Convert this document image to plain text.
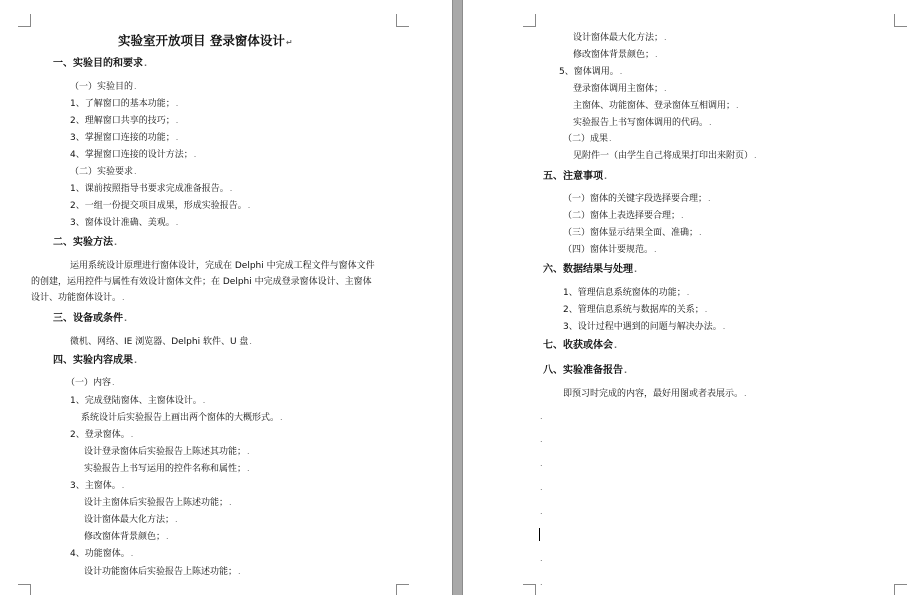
实验室开放项目 登录窗体设计↵
一、实验目的和要求.
（一）实验目的.
1、了解窗口的基本功能；.
2、理解窗口共享的技巧；.
3、掌握窗口连接的功能；.
4、掌握窗口连接的设计方法；.
（二）实验要求.
1、课前按照指导书要求完成准备报告。.
2、一组一份提交项目成果，形成实验报告。.
3、窗体设计准确、美观。.
二、实验方法.
运用系统设计原理进行窗体设计，完成在 Delphi 中完成工程文件与窗体文件
的创建，运用控件与属性有效设计窗体文件；在 Delphi 中完成登录窗体设计、主窗体
设计、功能窗体设计。.
三、设备或条件.
微机、网络、IE 浏览器、Delphi 软件、U 盘.
四、实验内容成果.
（一）内容.
1、完成登陆窗体、主窗体设计。.
系统设计后实验报告上画出两个窗体的大概形式。.
2、登录窗体。.
设计登录窗体后实验报告上陈述其功能；.
实验报告上书写运用的控件名称和属性；.
3、主窗体。.
设计主窗体后实验报告上陈述功能；.
设计窗体最大化方法；.
修改窗体背景颜色；.
4、功能窗体。.
设计功能窗体后实验报告上陈述功能；.
设计窗体最大化方法；.
修改窗体背景颜色；.
5、窗体调用。.
登录窗体调用主窗体；.
主窗体、功能窗体、登录窗体互相调用；.
实验报告上书写窗体调用的代码。.
（二）成果.
见附件一（由学生自己将成果打印出来附页）.
五、注意事项.
（一）窗体的关键字段选择要合理；.
（二）窗体上表选择要合理；.
（三）窗体显示结果全面、准确；.
（四）窗体计要规范。.
六、数据结果与处理.
1、管理信息系统窗体的功能；.
2、管理信息系统与数据库的关系；.
3、设计过程中遇到的问题与解决办法。.
七、收获或体会.
八、实验准备报告.
即预习时完成的内容，最好用图或者表展示。.
.
.
.
.
.
.
.
